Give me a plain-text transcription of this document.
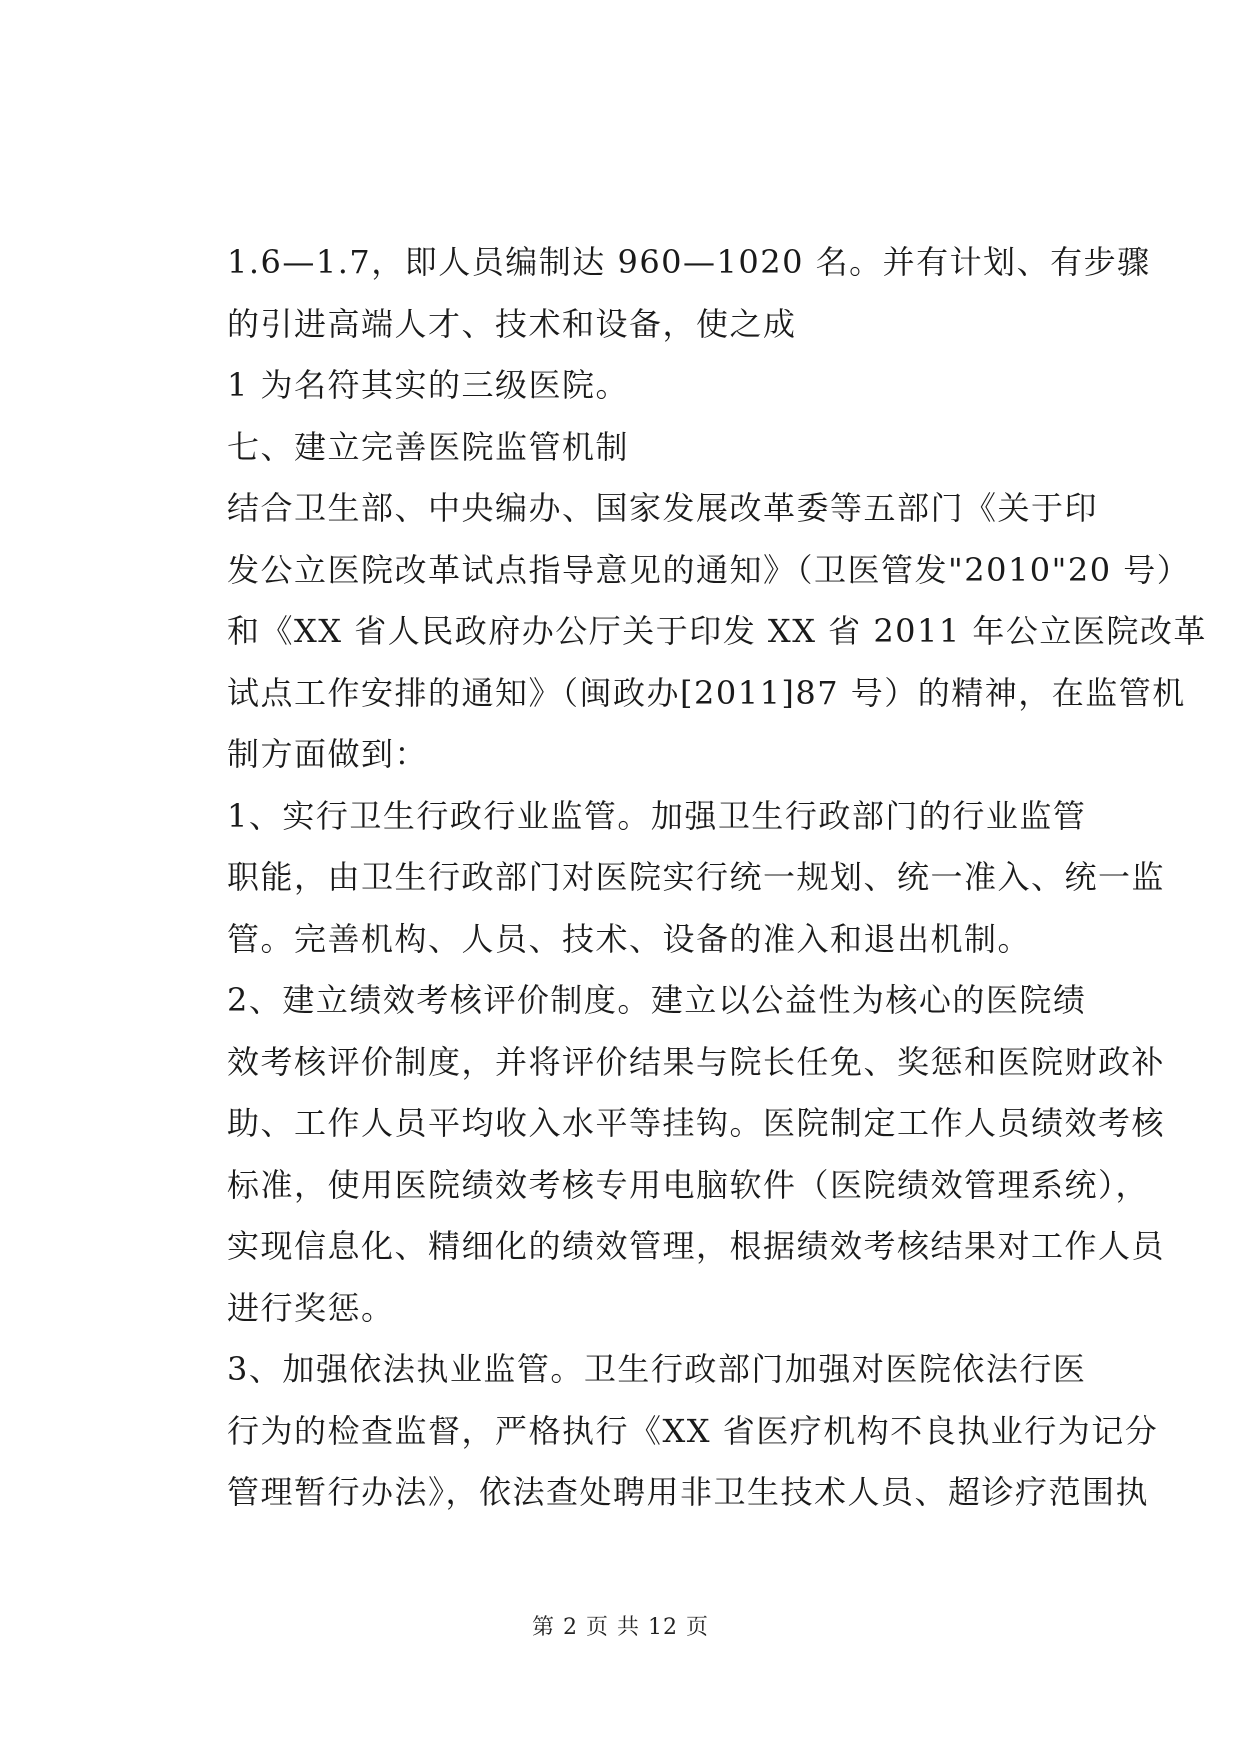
1.6—1.7，即人员编制达 960—1020 名。并有计划、有步骤
的引进高端人才、技术和设备，使之成

1 为名符其实的三级医院。

七、建立完善医院监管机制

结合卫生部、中央编办、国家发展改革委等五部门《关于印
发公立医院改革试点指导意见的通知》（卫医管发"2010"20 号）
和《XX 省人民政府办公厅关于印发 XX 省 2011 年公立医院改革
试点工作安排的通知》（闽政办[2011]87 号）的精神，在监管机
制方面做到：

1、实行卫生行政行业监管。加强卫生行政部门的行业监管
职能，由卫生行政部门对医院实行统一规划、统一准入、统一监
管。完善机构、人员、技术、设备的准入和退出机制。

2、建立绩效考核评价制度。建立以公益性为核心的医院绩
效考核评价制度，并将评价结果与院长任免、奖惩和医院财政补
助、工作人员平均收入水平等挂钩。医院制定工作人员绩效考核
标准，使用医院绩效考核专用电脑软件（医院绩效管理系统），
实现信息化、精细化的绩效管理，根据绩效考核结果对工作人员
进行奖惩。

3、加强依法执业监管。卫生行政部门加强对医院依法行医
行为的检查监督，严格执行《XX 省医疗机构不良执业行为记分
管理暂行办法》，依法查处聘用非卫生技术人员、超诊疗范围执

第 2 页 共 12 页
